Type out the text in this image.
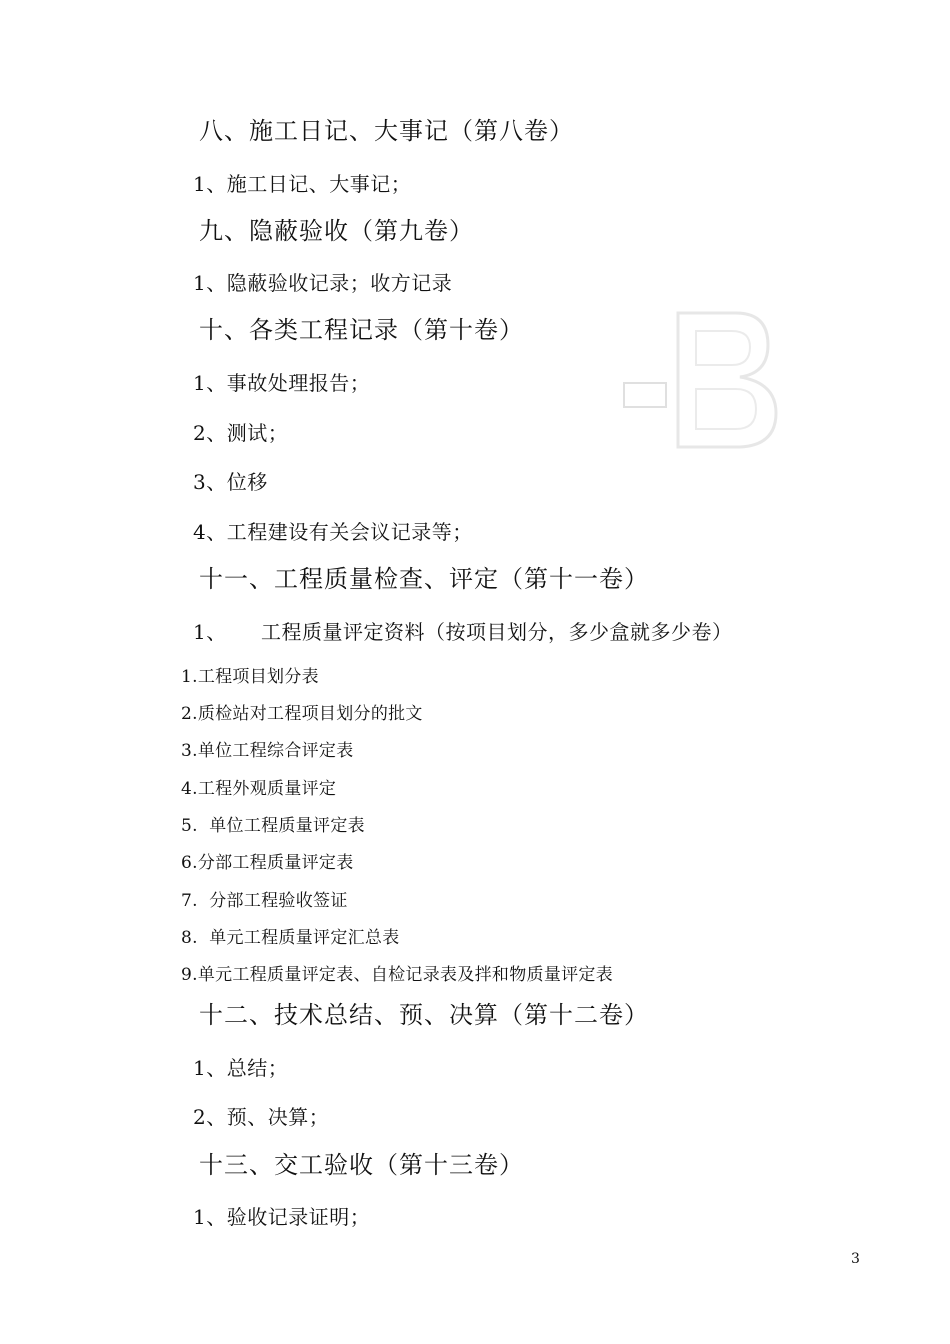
八、施工日记、大事记（第八卷）
1、施工日记、大事记；
九、隐蔽验收（第九卷）
1、隐蔽验收记录；收方记录
十、各类工程记录（第十卷）
1、事故处理报告；
2、测试；
3、位移
4、工程建设有关会议记录等；
十一、工程质量检查、评定（第十一卷）
1、     工程质量评定资料（按项目划分，多少盒就多少卷）
1.工程项目划分表
2.质检站对工程项目划分的批文
3.单位工程综合评定表
4.工程外观质量评定
5.  单位工程质量评定表
6.分部工程质量评定表
7.  分部工程验收签证
8.  单元工程质量评定汇总表
9.单元工程质量评定表、自检记录表及拌和物质量评定表
十二、技术总结、预、决算（第十二卷）
1、总结；
2、预、决算；
十三、交工验收（第十三卷）
1、验收记录证明；
3
